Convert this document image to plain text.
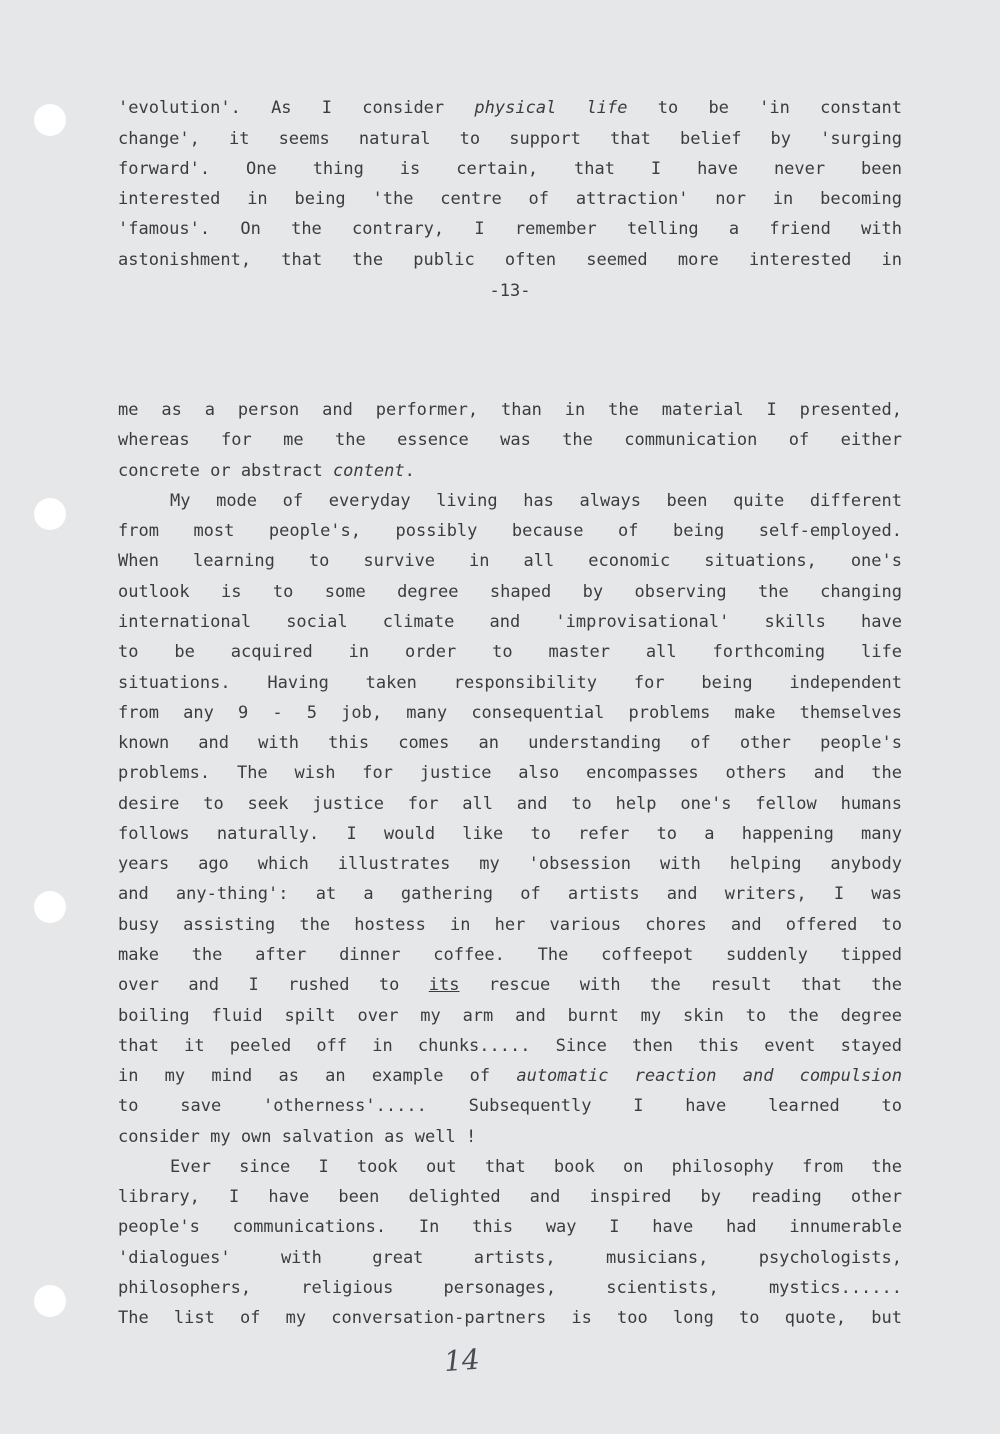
'evolution'. As I consider physical life to be 'in constant
change', it seems natural to support that belief by 'surging
forward'. One thing is certain, that I have never been
interested in being 'the centre of attraction' nor in becoming
'famous'. On the contrary, I remember telling a friend with
astonishment, that the public often seemed more interested in
-13-
me as a person and performer, than in the material I presented,
whereas for me the essence was the communication of either
concrete or abstract content.
My mode of everyday living has always been quite different
from most people's, possibly because of being self-employed.
When learning to survive in all economic situations, one's
outlook is to some degree shaped by observing the changing
international social climate and 'improvisational' skills have
to be acquired in order to master all forthcoming life
situations. Having taken responsibility for being independent
from any 9 - 5 job, many consequential problems make themselves
known and with this comes an understanding of other people's
problems. The wish for justice also encompasses others and the
desire to seek justice for all and to help one's fellow humans
follows naturally. I would like to refer to a happening many
years ago which illustrates my 'obsession with helping anybody
and any-thing': at a gathering of artists and writers, I was
busy assisting the hostess in her various chores and offered to
make the after dinner coffee. The coffeepot suddenly tipped
over and I rushed to its rescue with the result that the
boiling fluid spilt over my arm and burnt my skin to the degree
that it peeled off in chunks..... Since then this event stayed
in my mind as an example of automatic reaction and compulsion
to save 'otherness'..... Subsequently I have learned to
consider my own salvation as well !
Ever since I took out that book on philosophy from the
library, I have been delighted and inspired by reading other
people's communications. In this way I have had innumerable
'dialogues' with great artists, musicians, psychologists,
philosophers, religious personages, scientists, mystics......
The list of my conversation-partners is too long to quote, but
14
